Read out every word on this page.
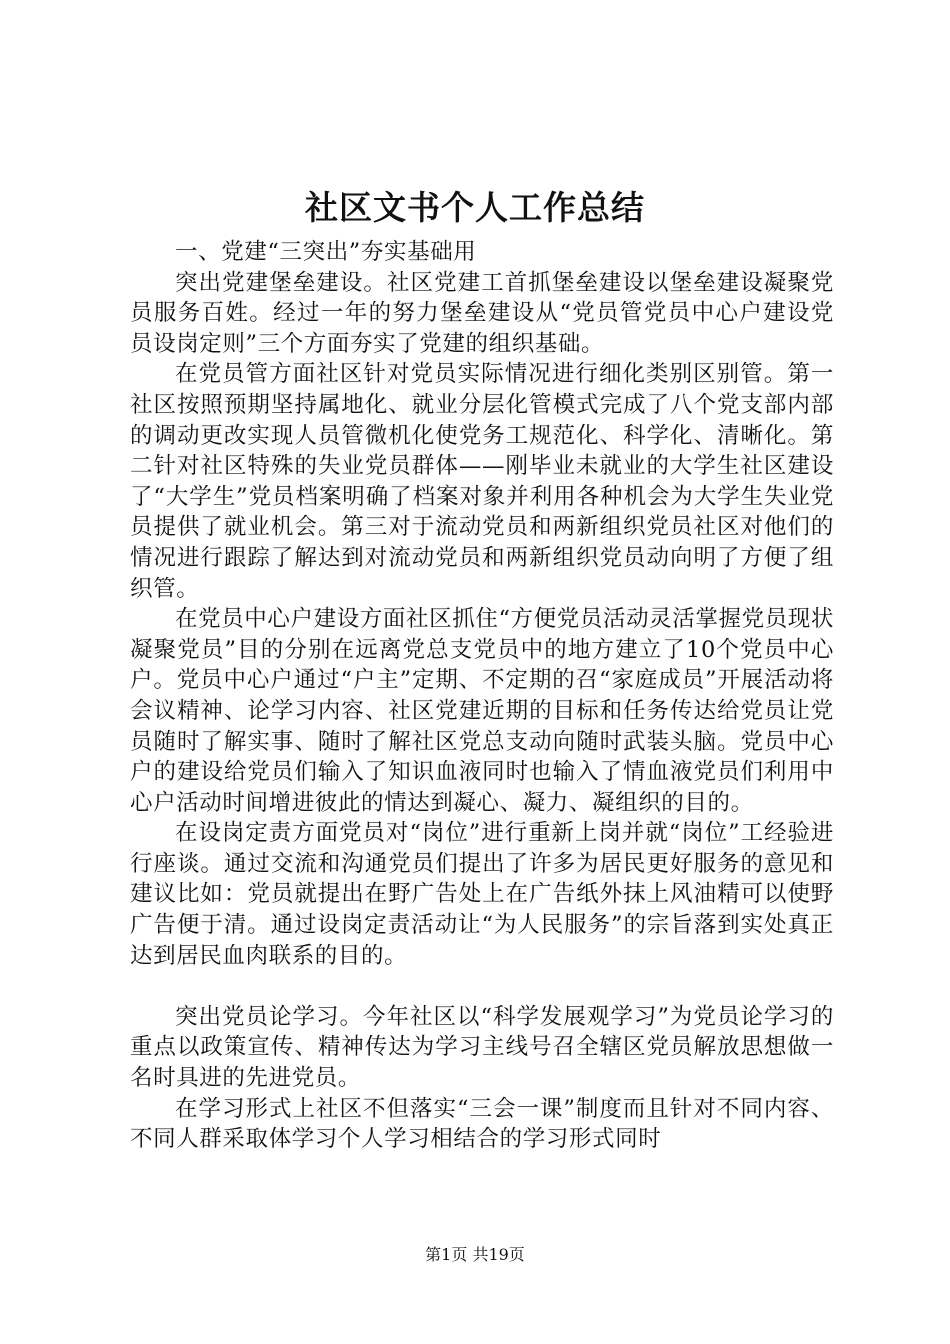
社区文书个人工作总结

一、党建“三突出”夯实基础用

突出党建堡垒建设。社区党建工首抓堡垒建设以堡垒建设凝聚党员服务百姓。经过一年的努力堡垒建设从“党员管党员中心户建设党员设岗定则”三个方面夯实了党建的组织基础。

在党员管方面社区针对党员实际情况进行细化类别区别管。第一社区按照预期坚持属地化、就业分层化管模式完成了八个党支部内部的调动更改实现人员管微机化使党务工规范化、科学化、清晰化。第二针对社区特殊的失业党员群体——刚毕业未就业的大学生社区建设了“大学生”党员档案明确了档案对象并利用各种机会为大学生失业党员提供了就业机会。第三对于流动党员和两新组织党员社区对他们的情况进行跟踪了解达到对流动党员和两新组织党员动向明了方便了组织管。

在党员中心户建设方面社区抓住“方便党员活动灵活掌握党员现状凝聚党员”目的分别在远离党总支党员中的地方建立了10个党员中心户。党员中心户通过“户主”定期、不定期的召“家庭成员”开展活动将会议精神、论学习内容、社区党建近期的目标和任务传达给党员让党员随时了解实事、随时了解社区党总支动向随时武装头脑。党员中心户的建设给党员们输入了知识血液同时也输入了情血液党员们利用中心户活动时间增进彼此的情达到凝心、凝力、凝组织的目的。

在设岗定责方面党员对“岗位”进行重新上岗并就“岗位”工经验进行座谈。通过交流和沟通党员们提出了许多为居民更好服务的意见和建议比如：党员就提出在野广告处上在广告纸外抹上风油精可以使野广告便于清。通过设岗定责活动让“为人民服务”的宗旨落到实处真正达到居民血肉联系的目的。

突出党员论学习。今年社区以“科学发展观学习”为党员论学习的重点以政策宣传、精神传达为学习主线号召全辖区党员解放思想做一名时具进的先进党员。

在学习形式上社区不但落实“三会一课”制度而且针对不同内容、不同人群采取体学习个人学习相结合的学习形式同时

第1页 共19页
